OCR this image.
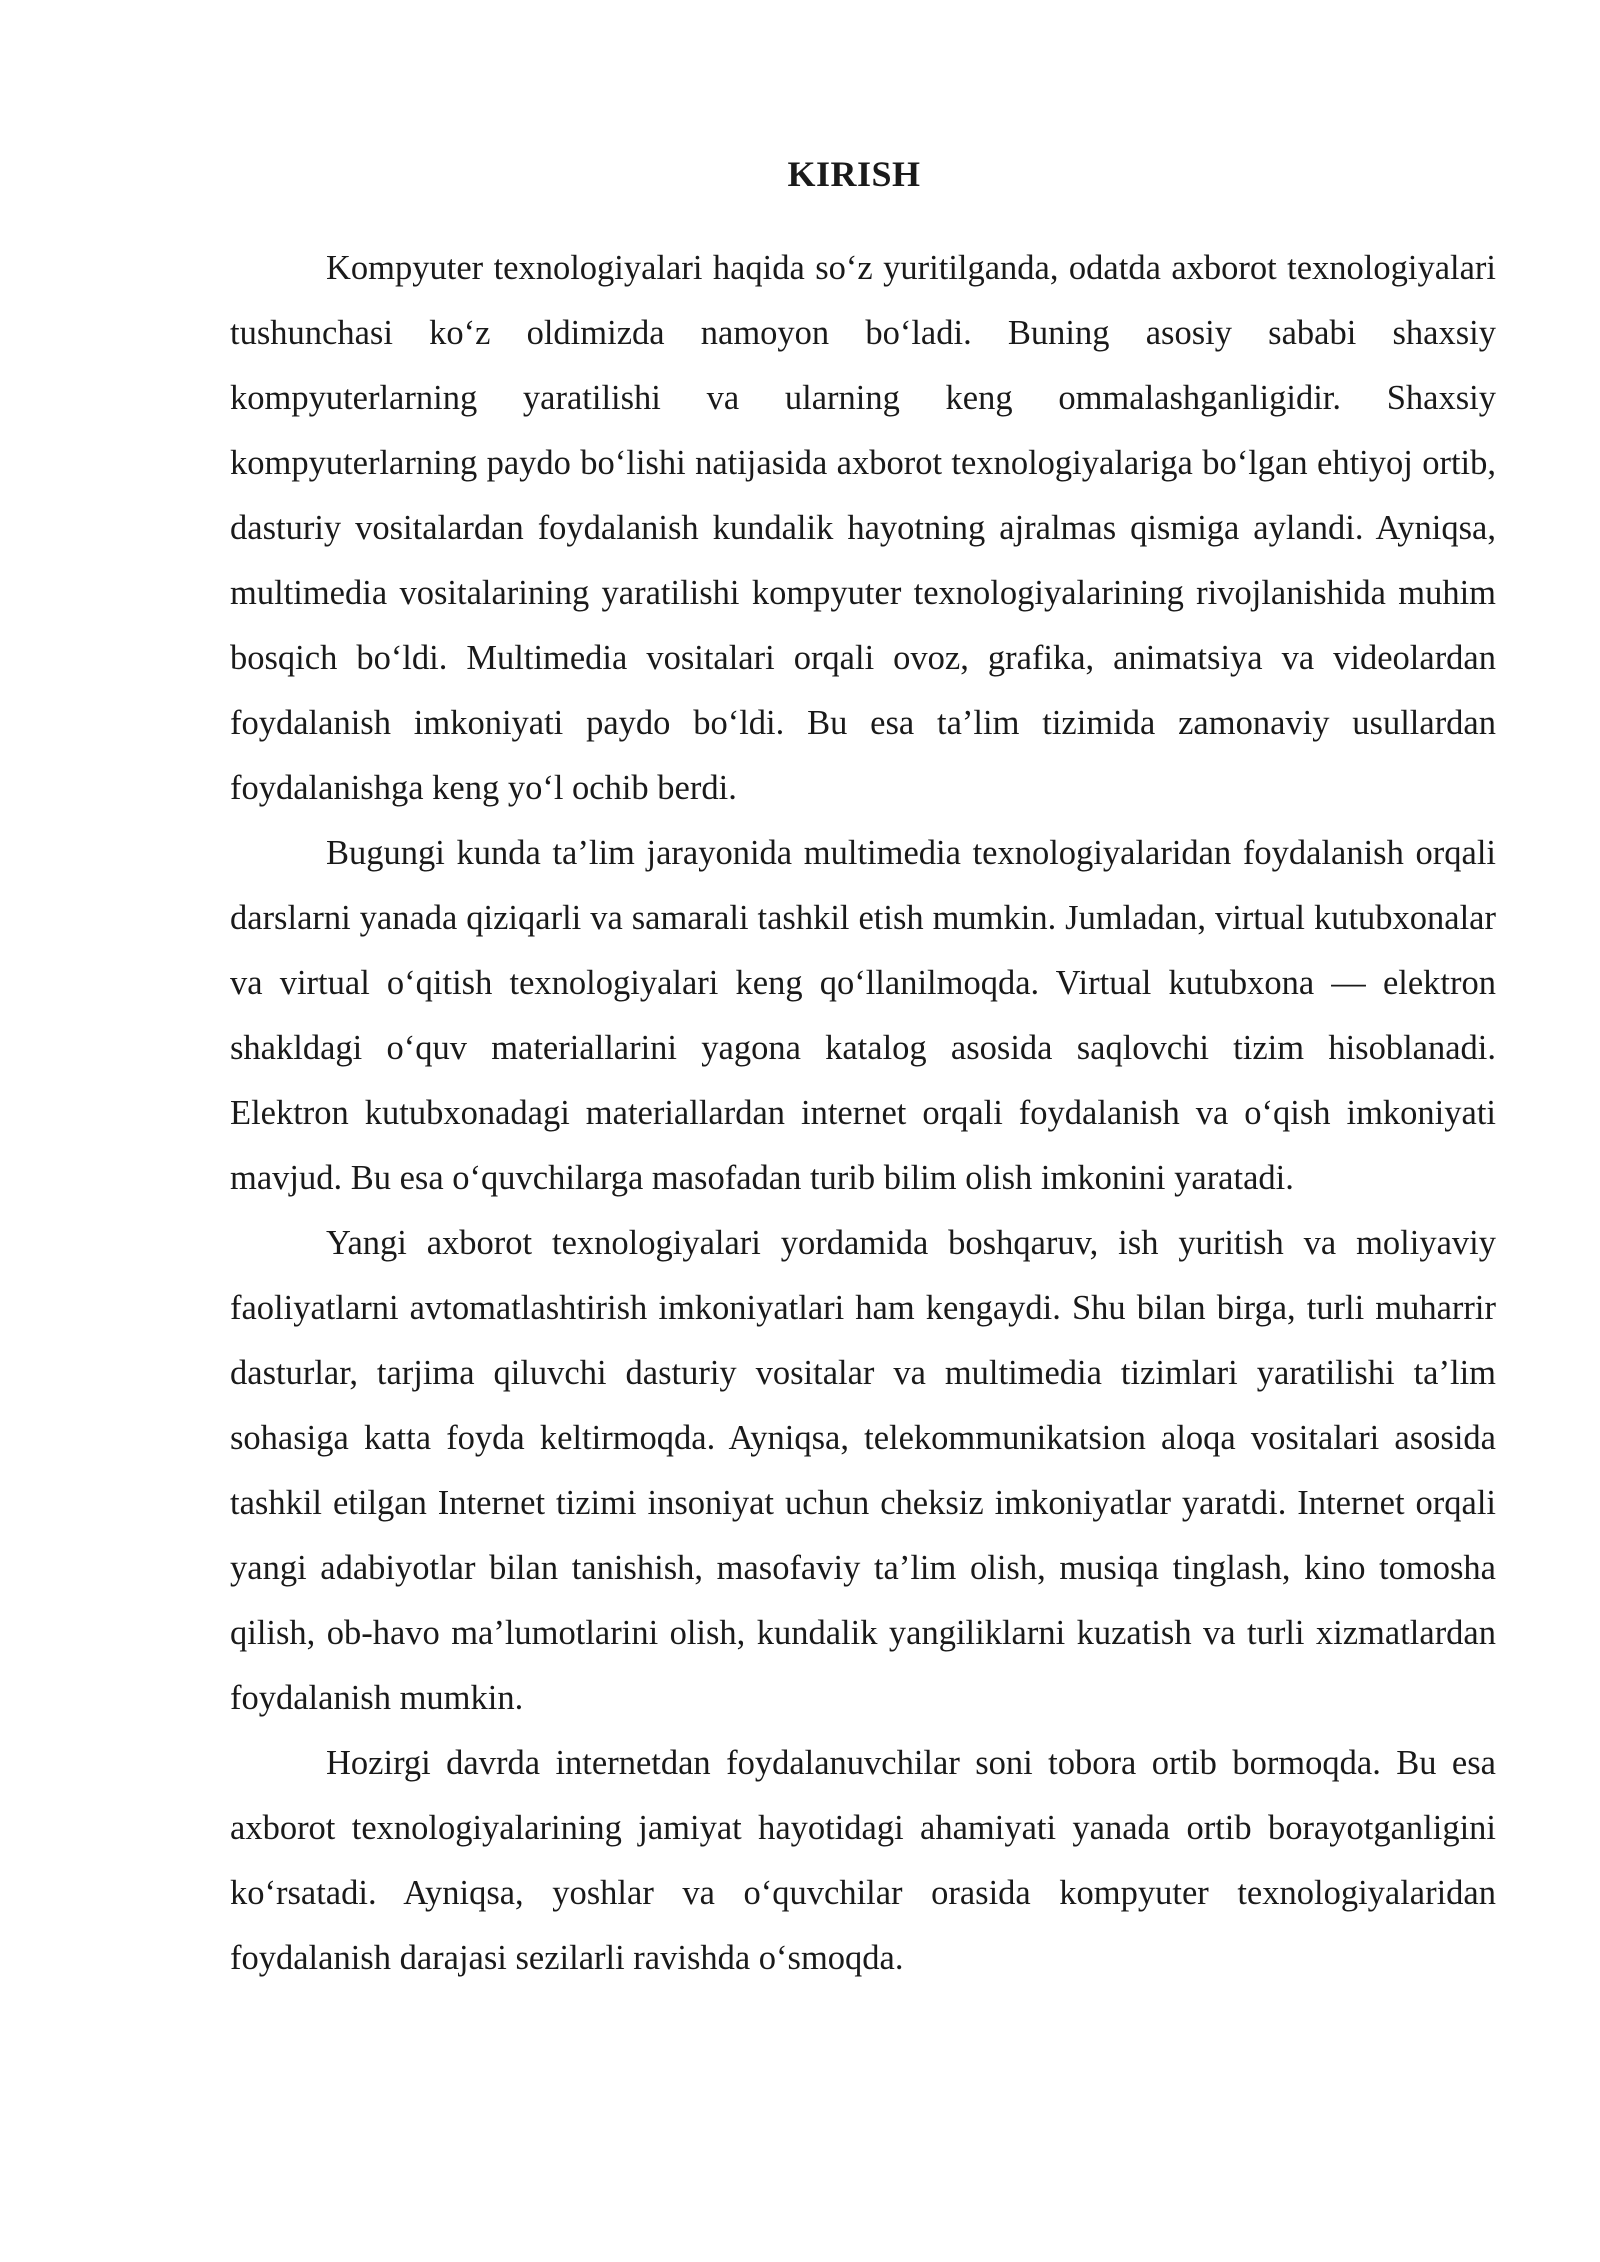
KIRISH

Kompyuter texnologiyalari haqida so‘z yuritilganda, odatda axborot texnologiyalari tushunchasi ko‘z oldimizda namoyon bo‘ladi. Buning asosiy sababi shaxsiy kompyuterlarning yaratilishi va ularning keng ommalashganligidir. Shaxsiy kompyuterlarning paydo bo‘lishi natijasida axborot texnologiyalariga bo‘lgan ehtiyoj ortib, dasturiy vositalardan foydalanish kundalik hayotning ajralmas qismiga aylandi. Ayniqsa, multimedia vositalarining yaratilishi kompyuter texnologiyalarining rivojlanishida muhim bosqich bo‘ldi. Multimedia vositalari orqali ovoz, grafika, animatsiya va videolardan foydalanish imkoniyati paydo bo‘ldi. Bu esa ta’lim tizimida zamonaviy usullardan foydalanishga keng yo‘l ochib berdi.

Bugungi kunda ta’lim jarayonida multimedia texnologiyalaridan foydalanish orqali darslarni yanada qiziqarli va samarali tashkil etish mumkin. Jumladan, virtual kutubxonalar va virtual o‘qitish texnologiyalari keng qo‘llanilmoqda. Virtual kutubxona — elektron shakldagi o‘quv materiallarini yagona katalog asosida saqlovchi tizim hisoblanadi. Elektron kutubxonadagi materiallardan internet orqali foydalanish va o‘qish imkoniyati mavjud. Bu esa o‘quvchilarga masofadan turib bilim olish imkonini yaratadi.

Yangi axborot texnologiyalari yordamida boshqaruv, ish yuritish va moliyaviy faoliyatlarni avtomatlashtirish imkoniyatlari ham kengaydi. Shu bilan birga, turli muharrir dasturlar, tarjima qiluvchi dasturiy vositalar va multimedia tizimlari yaratilishi ta’lim sohasiga katta foyda keltirmoqda. Ayniqsa, telekommunikatsion aloqa vositalari asosida tashkil etilgan Internet tizimi insoniyat uchun cheksiz imkoniyatlar yaratdi. Internet orqali yangi adabiyotlar bilan tanishish, masofaviy ta’lim olish, musiqa tinglash, kino tomosha qilish, ob-havo ma’lumotlarini olish, kundalik yangiliklarni kuzatish va turli xizmatlardan foydalanish mumkin.

Hozirgi davrda internetdan foydalanuvchilar soni tobora ortib bormoqda. Bu esa axborot texnologiyalarining jamiyat hayotidagi ahamiyati yanada ortib borayotganligini ko‘rsatadi. Ayniqsa, yoshlar va o‘quvchilar orasida kompyuter texnologiyalaridan foydalanish darajasi sezilarli ravishda o‘smoqda.
